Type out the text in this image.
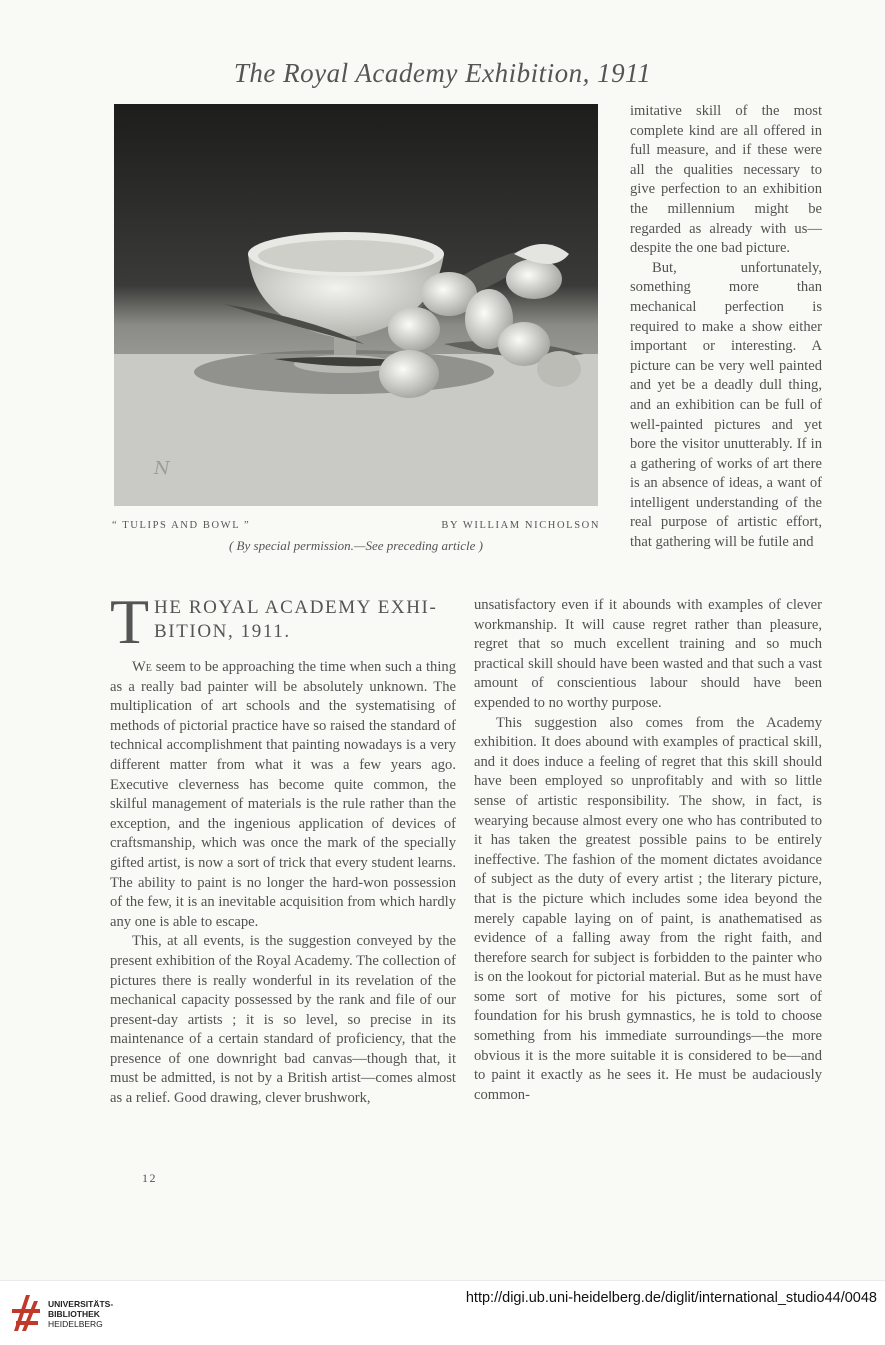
The Royal Academy Exhibition, 1911
N
“ TULIPS AND BOWL ”	BY WILLIAM NICHOLSON
( By special permission.—See preceding article )

imitative skill of the most complete kind are all offered in full measure, and if these were all the qualities necessary to give perfection to an exhibition the millennium might be regarded as already with us—despite the one bad picture.

But, unfortunately, something more than mechanical perfection is required to make a show either important or interesting. A picture can be very well painted and yet be a deadly dull thing, and an exhibition can be full of well-painted pictures and yet bore the visitor unutterably. If in a gathering of works of art there is an absence of ideas, a want of intelligent understanding of the real purpose of artistic effort, that gathering will be futile and

T HE ROYAL ACADEMY EXHI- BITION, 1911.

We seem to be approaching the time when such a thing as a really bad painter will be absolutely unknown. The multiplication of art schools and the systematising of methods of pictorial practice have so raised the standard of technical accomplishment that painting nowadays is a very different matter from what it was a few years ago. Executive cleverness has become quite common, the skilful management of materials is the rule rather than the exception, and the ingenious application of devices of craftsmanship, which was once the mark of the specially gifted artist, is now a sort of trick that every student learns. The ability to paint is no longer the hard-won possession of the few, it is an inevitable acquisition from which hardly any one is able to escape.

This, at all events, is the suggestion conveyed by the present exhibition of the Royal Academy. The collection of pictures there is really wonderful in its revelation of the mechanical capacity possessed by the rank and file of our present-day artists ; it is so level, so precise in its maintenance of a certain standard of proficiency, that the presence of one downright bad canvas—though that, it must be admitted, is not by a British artist—comes almost as a relief. Good drawing, clever brushwork,

unsatisfactory even if it abounds with examples of clever workmanship. It will cause regret rather than pleasure, regret that so much excellent training and so much practical skill should have been wasted and that such a vast amount of conscientious labour should have been expended to no worthy purpose.

This suggestion also comes from the Academy exhibition. It does abound with examples of practical skill, and it does induce a feeling of regret that this skill should have been employed so unprofitably and with so little sense of artistic responsibility. The show, in fact, is wearying because almost every one who has contributed to it has taken the greatest possible pains to be entirely ineffective. The fashion of the moment dictates avoidance of subject as the duty of every artist ; the literary picture, that is the picture which includes some idea beyond the merely capable laying on of paint, is anathematised as evidence of a falling away from the right faith, and therefore search for subject is forbidden to the painter who is on the lookout for pictorial material. But as he must have some sort of motive for his pictures, some sort of foundation for his brush gymnastics, he is told to choose something from his immediate surroundings—the more obvious it is the more suitable it is considered to be—and to paint it exactly as he sees it. He must be audaciously common-

12
UNIVERSITÄTS-
BIBLIOTHEK
HEIDELBERG
http://digi.ub.uni-heidelberg.de/diglit/international_studio44/0048
